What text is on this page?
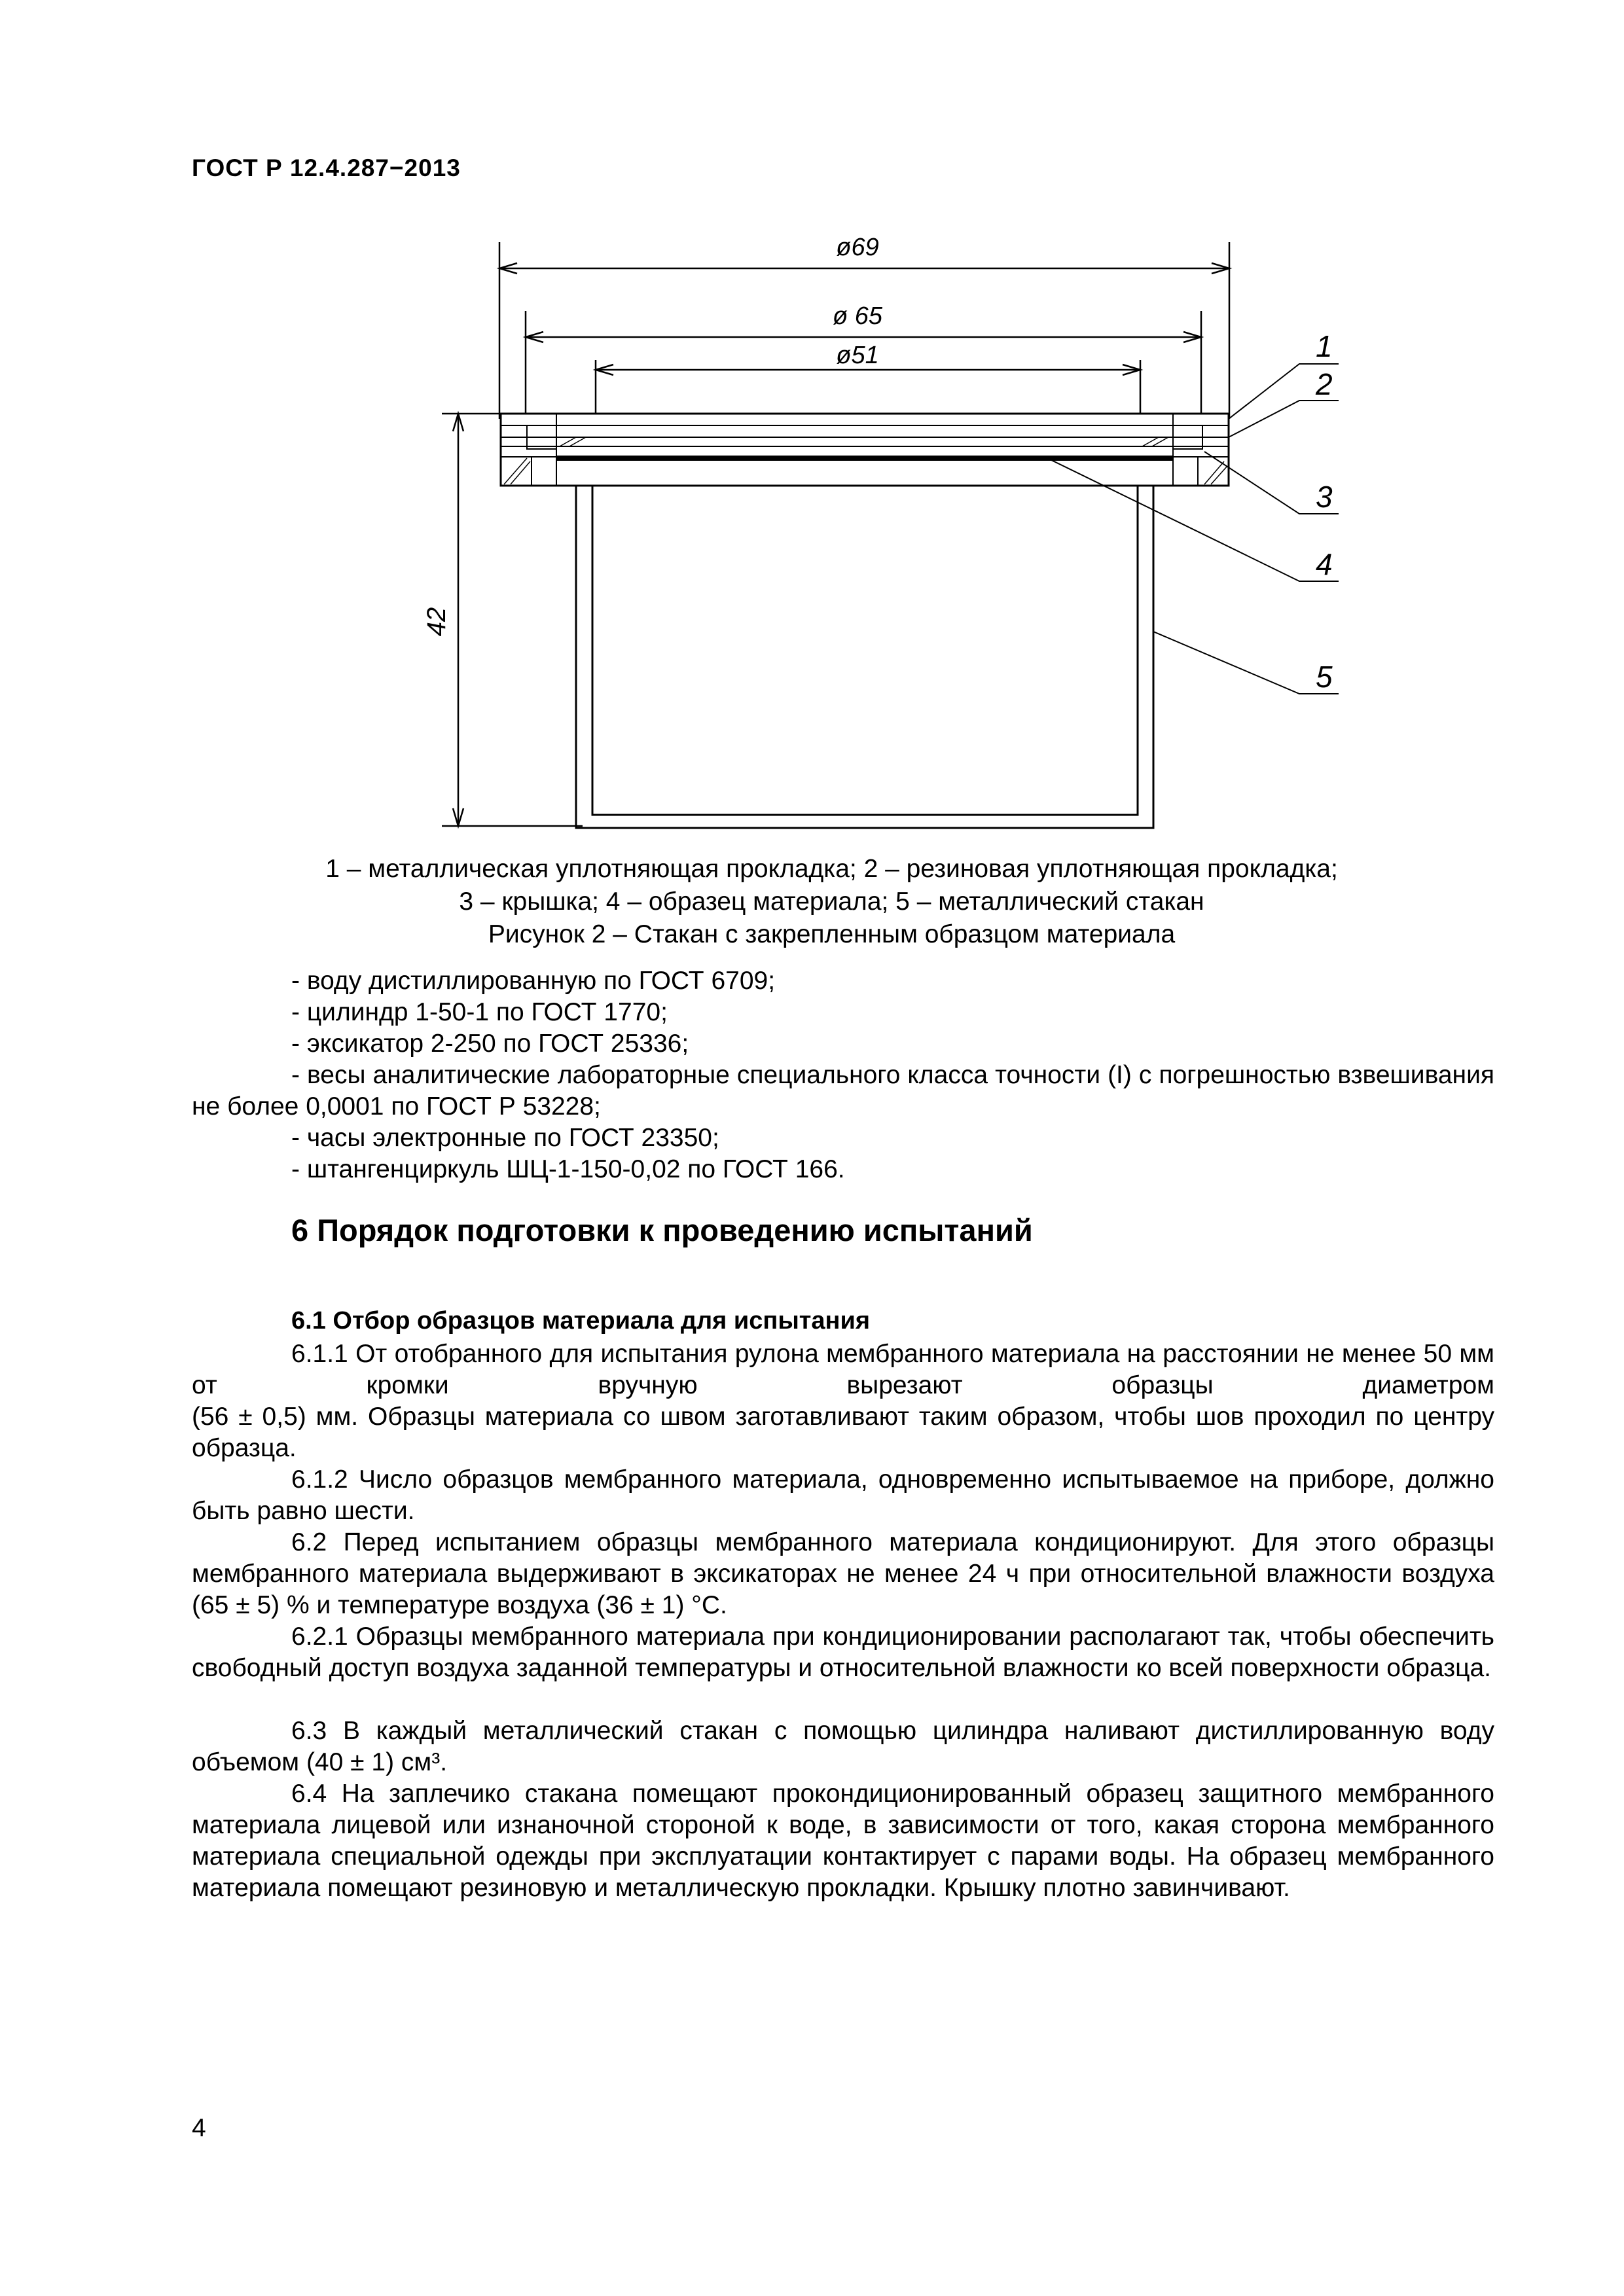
ГОСТ Р 12.4.287−2013
ø69
ø 65
ø51
42
1
2
3
4
5
1 – металлическая уплотняющая прокладка; 2 – резиновая уплотняющая прокладка;
3 – крышка; 4 – образец материала; 5 – металлический стакан
Рисунок 2 – Стакан с закрепленным образцом материала
- воду дистиллированную по ГОСТ 6709;
- цилиндр 1-50-1 по ГОСТ 1770;
- эксикатор 2-250 по ГОСТ 25336;
- весы аналитические лабораторные специального класса точности (I) с погрешностью взвешивания не более 0,0001 по ГОСТ Р 53228;
- часы электронные по ГОСТ 23350;
- штангенциркуль ШЦ-1-150-0,02 по ГОСТ 166.
6 Порядок подготовки к проведению испытаний
6.1 Отбор образцов материала для испытания
6.1.1 От отобранного для испытания рулона мембранного материала на расстоянии не менее 50 мм от кромки вручную вырезают образцы диаметром
(56 ± 0,5) мм. Образцы материала со швом заготавливают таким образом, чтобы шов проходил по центру образца.
6.1.2 Число образцов мембранного материала, одновременно испытываемое на приборе, должно быть равно шести.
6.2 Перед испытанием образцы мембранного материала кондиционируют. Для этого образцы мембранного материала выдерживают в эксикаторах не менее 24 ч при относительной влажности воздуха (65 ± 5) % и температуре воздуха (36 ± 1) °С.
6.2.1 Образцы мембранного материала при кондиционировании располагают так, чтобы обеспечить свободный доступ воздуха заданной температуры и относительной влажности ко всей поверхности образца.
6.3 В каждый металлический стакан с помощью цилиндра наливают дистиллированную воду объемом (40 ± 1) см³.
6.4 На заплечико стакана помещают прокондиционированный образец защитного мембранного материала лицевой или изнаночной стороной к воде, в зависимости от того, какая сторона мембранного материала специальной одежды при эксплуатации контактирует с парами воды. На образец мембранного материала помещают резиновую и металлическую прокладки. Крышку плотно завинчивают.
4
